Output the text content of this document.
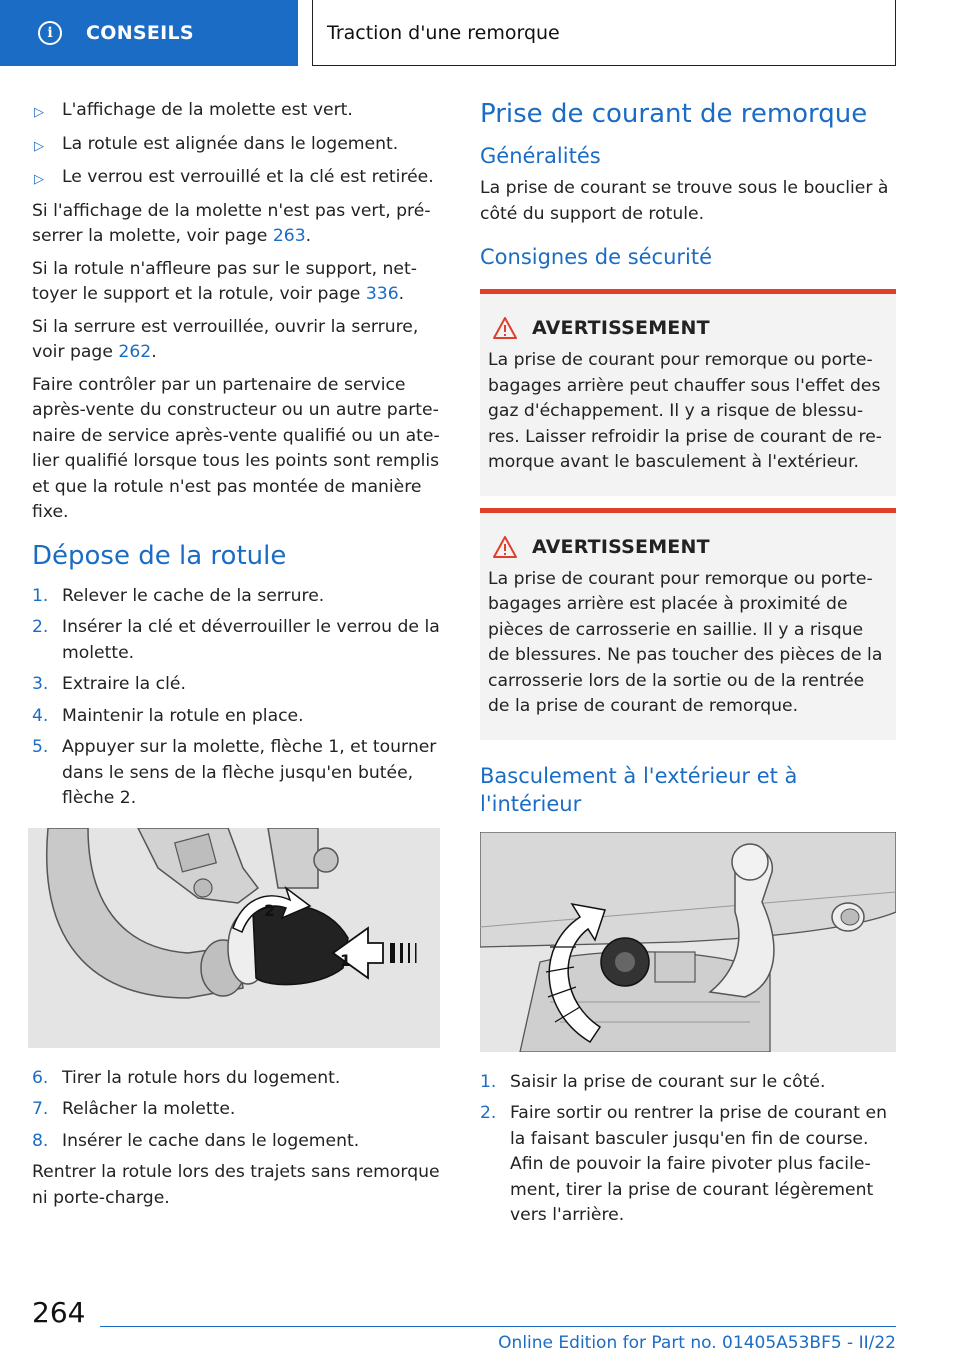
i	CONSEILS	Traction d'une remorque
▷ L'affichage de la molette est vert.
▷ La rotule est alignée dans le logement.
▷ Le verrou est verrouillé et la clé est retirée.

Si l'affichage de la molette n'est pas vert, préserrer la molette, voir page 263.

Si la rotule n'affleure pas sur le support, nettoyer le support et la rotule, voir page 336.

Si la serrure est verrouillée, ouvrir la serrure, voir page 262.

Faire contrôler par un partenaire de service après-vente du constructeur ou un autre partenaire de service après-vente qualifié ou un atelier qualifié lorsque tous les points sont remplis et que la rotule n'est pas montée de manière fixe.

Dépose de la rotule
1. Relever le cache de la serrure.
2. Insérer la clé et déverrouiller le verrou de la molette.
3. Extraire la clé.
4. Maintenir la rotule en place.
5. Appuyer sur la molette, flèche 1, et tourner dans le sens de la flèche jusqu'en butée, flèche 2.
2
1
6. Tirer la rotule hors du logement.
7. Relâcher la molette.
8. Insérer le cache dans le logement.

Rentrer la rotule lors des trajets sans remorque ni porte-charge.

Prise de courant de remorque
Généralités

La prise de courant se trouve sous le bouclier à côté du support de rotule.

Consignes de sécurité
AVERTISSEMENT

La prise de courant pour remorque ou porte-bagages arrière peut chauffer sous l'effet des gaz d'échappement. Il y a risque de blessures. Laisser refroidir la prise de courant de remorque avant le basculement à l'extérieur.

AVERTISSEMENT

La prise de courant pour remorque ou porte-bagages arrière est placée à proximité de pièces de carrosserie en saillie. Il y a risque de blessures. Ne pas toucher des pièces de la carrosserie lors de la sortie ou de la rentrée de la prise de courant de remorque.

Basculement à l'extérieur et à l'intérieur
1. Saisir la prise de courant sur le côté.
2. Faire sortir ou rentrer la prise de courant en la faisant basculer jusqu'en fin de course. Afin de pouvoir la faire pivoter plus facilement, tirer la prise de courant légèrement vers l'arrière.
264
Online Edition for Part no. 01405A53BF5 - II/22
